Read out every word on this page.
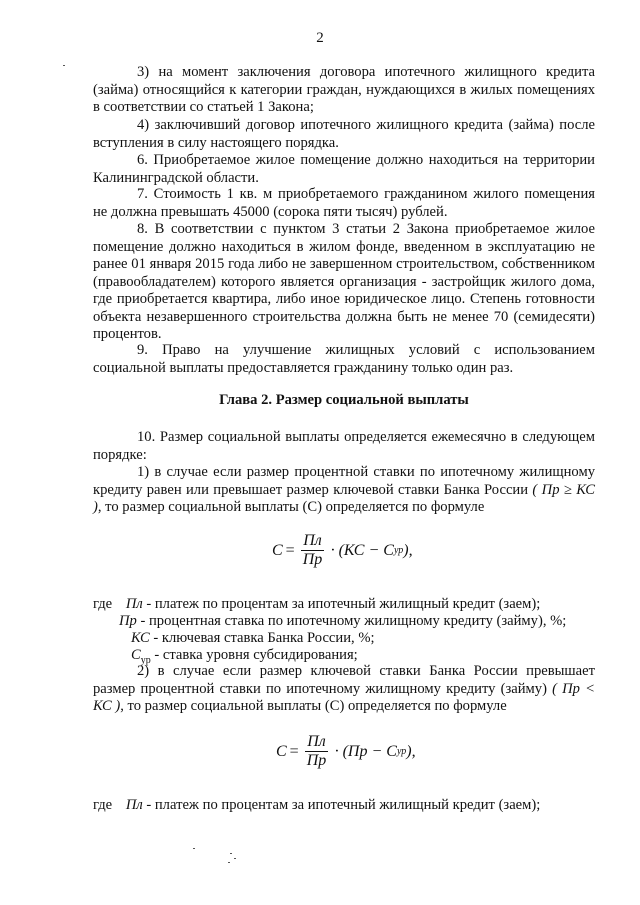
2
3) на момент заключения договора ипотечного жилищного кредита (займа) относящийся к категории граждан, нуждающихся в жилых помещениях в соответствии со статьей 1 Закона;
4) заключивший договор ипотечного жилищного кредита (займа) после вступления в силу настоящего порядка.
6. Приобретаемое жилое помещение должно находиться на территории Калининградской области.
7. Стоимость 1 кв. м приобретаемого гражданином жилого помещения не должна превышать 45000 (сорока пяти тысяч) рублей.
8. В соответствии с пунктом 3 статьи 2 Закона приобретаемое жилое помещение должно находиться в жилом фонде, введенном в эксплуатацию не ранее 01 января 2015 года либо не завершенном строительством, собственником (правообладателем) которого является организация - застройщик жилого дома, где приобретается квартира, либо иное юридическое лицо. Степень готовности объекта незавершенного строительства должна быть не менее 70 (семидесяти) процентов.
9. Право на улучшение жилищных условий с использованием социальной выплаты предоставляется гражданину только один раз.
Глава 2. Размер социальной выплаты
10. Размер социальной выплаты определяется ежемесячно в следующем порядке:
1) в случае если размер процентной ставки по ипотечному жилищному кредиту равен или превышает размер ключевой ставки Банка России ( Пр ≥ КС ), то размер социальной выплаты (С) определяется по формуле
$С = \frac{Пл}{Пр} \cdot (КС - С$ ур ),
где Пл - платеж по процентам за ипотечный жилищный кредит (заем);
Пр - процентная ставка по ипотечному жилищному кредиту (займу), %;
КС - ключевая ставка Банка России, %;
$С_{ур}$ - ставка уровня субсидирования;
2) в случае если размер ключевой ставки Банка России превышает размер процентной ставки по ипотечному жилищному кредиту (займу) ( Пр < КС ), то размер социальной выплаты (С) определяется по формуле
$С = \frac{Пл}{Пр} \cdot (Пр - С$ ур ),
где Пл - платеж по процентам за ипотечный жилищный кредит (заем);
